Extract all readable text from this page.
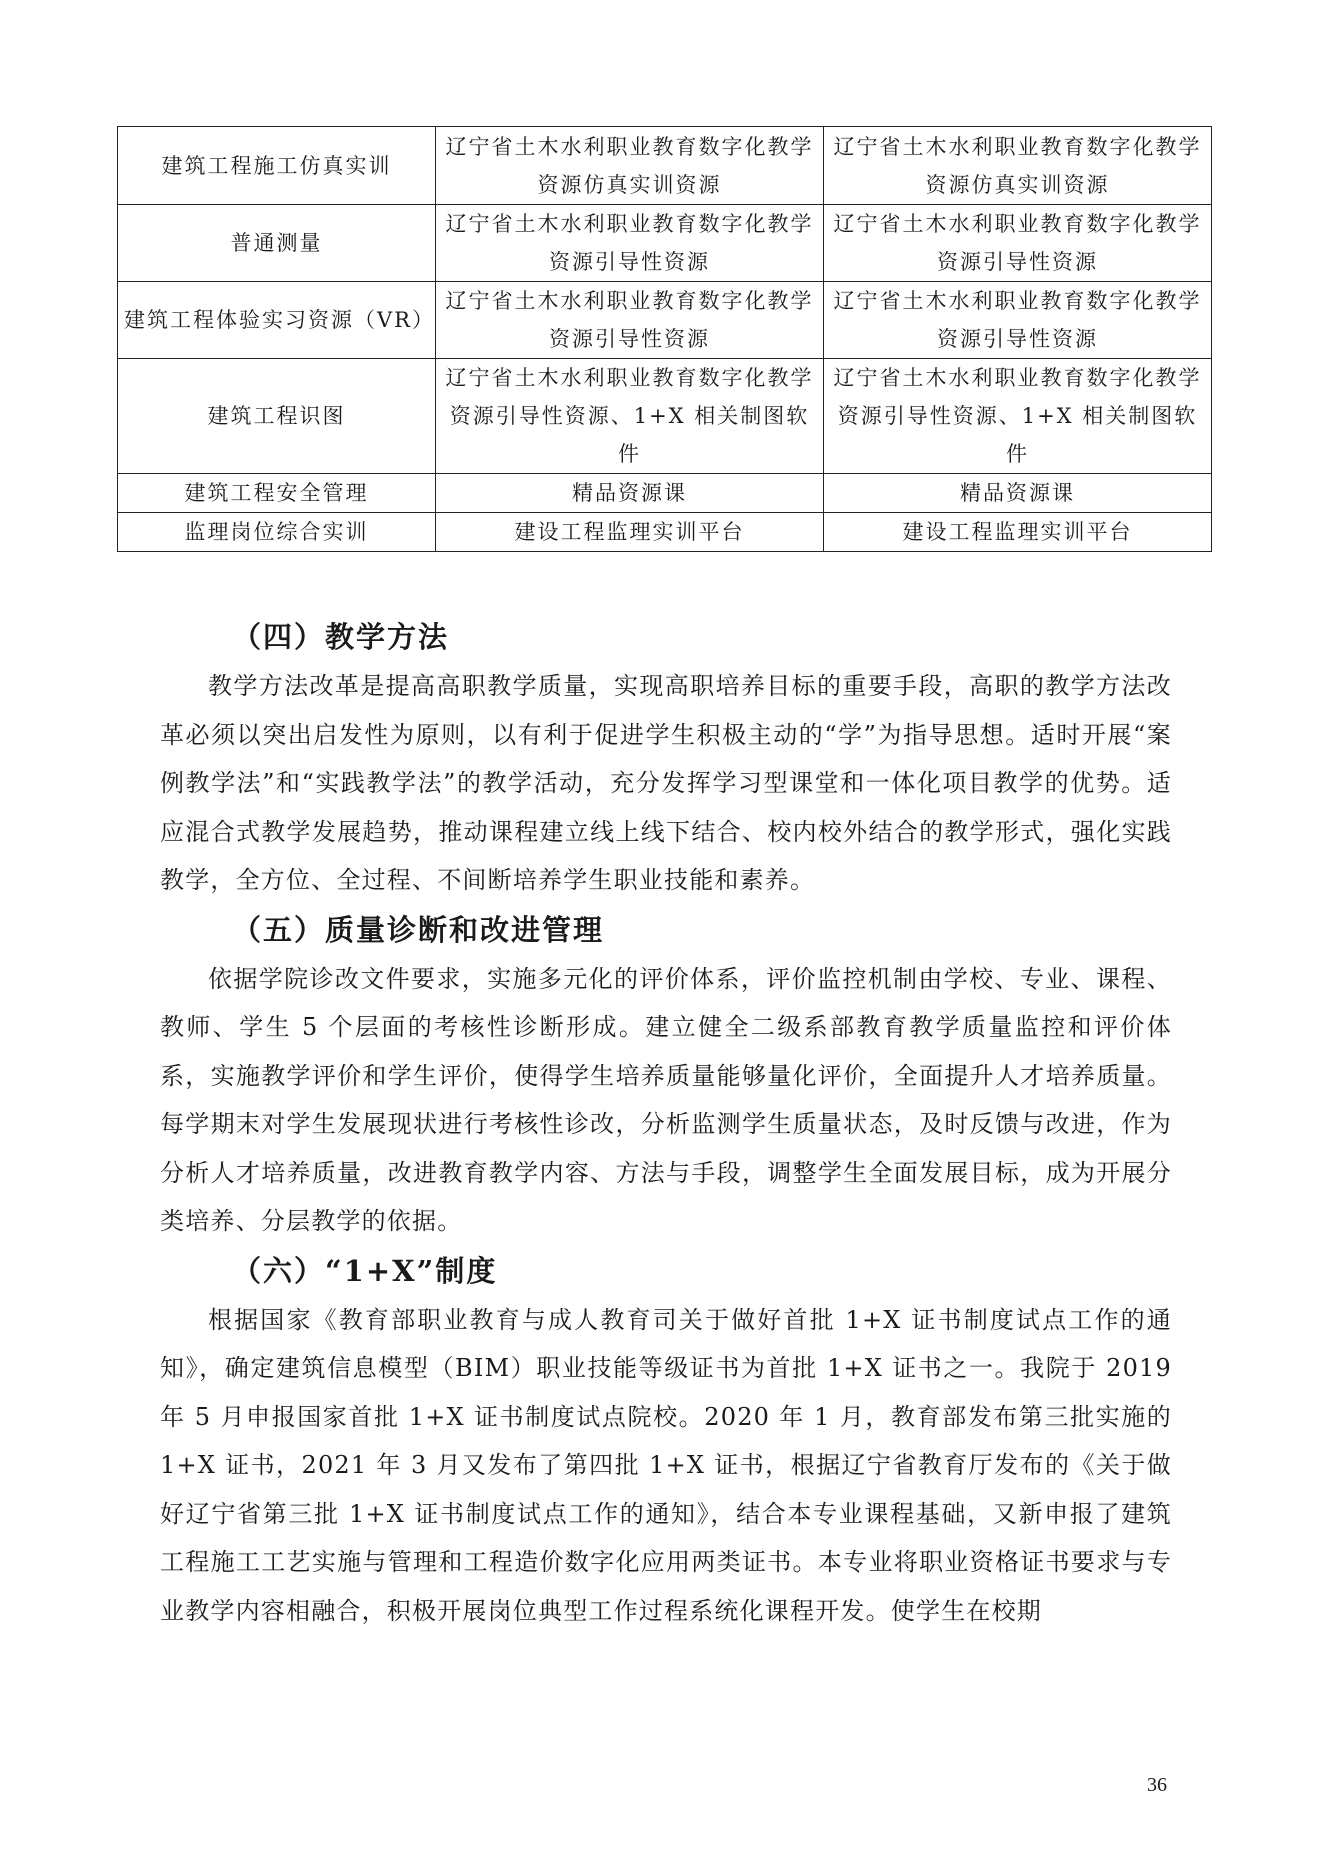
建筑工程施工仿真实训	辽宁省土木水利职业教育数字化教学资源仿真实训资源	辽宁省土木水利职业教育数字化教学资源仿真实训资源
普通测量	辽宁省土木水利职业教育数字化教学资源引导性资源	辽宁省土木水利职业教育数字化教学资源引导性资源
建筑工程体验实习资源（VR）	辽宁省土木水利职业教育数字化教学资源引导性资源	辽宁省土木水利职业教育数字化教学资源引导性资源
建筑工程识图	辽宁省土木水利职业教育数字化教学资源引导性资源、1+X 相关制图软件	辽宁省土木水利职业教育数字化教学资源引导性资源、1+X 相关制图软件
建筑工程安全管理	精品资源课	精品资源课
监理岗位综合实训	建设工程监理实训平台	建设工程监理实训平台
（四）教学方法

教学方法改革是提高高职教学质量，实现高职培养目标的重要手段，高职的教学方法改革必须以突出启发性为原则，以有利于促进学生积极主动的“学”为指导思想。适时开展“案例教学法”和“实践教学法”的教学活动，充分发挥学习型课堂和一体化项目教学的优势。适应混合式教学发展趋势，推动课程建立线上线下结合、校内校外结合的教学形式，强化实践教学，全方位、全过程、不间断培养学生职业技能和素养。

（五）质量诊断和改进管理

依据学院诊改文件要求，实施多元化的评价体系，评价监控机制由学校、专业、课程、教师、学生 5 个层面的考核性诊断形成。建立健全二级系部教育教学质量监控和评价体系，实施教学评价和学生评价，使得学生培养质量能够量化评价，全面提升人才培养质量。每学期末对学生发展现状进行考核性诊改，分析监测学生质量状态，及时反馈与改进，作为分析人才培养质量，改进教育教学内容、方法与手段，调整学生全面发展目标，成为开展分类培养、分层教学的依据。

（六）“1+X”制度

根据国家《教育部职业教育与成人教育司关于做好首批 1+X 证书制度试点工作的通知》，确定建筑信息模型（BIM）职业技能等级证书为首批 1+X 证书之一。我院于 2019 年 5 月申报国家首批 1+X 证书制度试点院校。2020 年 1 月，教育部发布第三批实施的 1+X 证书，2021 年 3 月又发布了第四批 1+X 证书，根据辽宁省教育厅发布的《关于做好辽宁省第三批 1+X 证书制度试点工作的通知》，结合本专业课程基础，又新申报了建筑工程施工工艺实施与管理和工程造价数字化应用两类证书。本专业将职业资格证书要求与专业教学内容相融合，积极开展岗位典型工作过程系统化课程开发。使学生在校期

36
